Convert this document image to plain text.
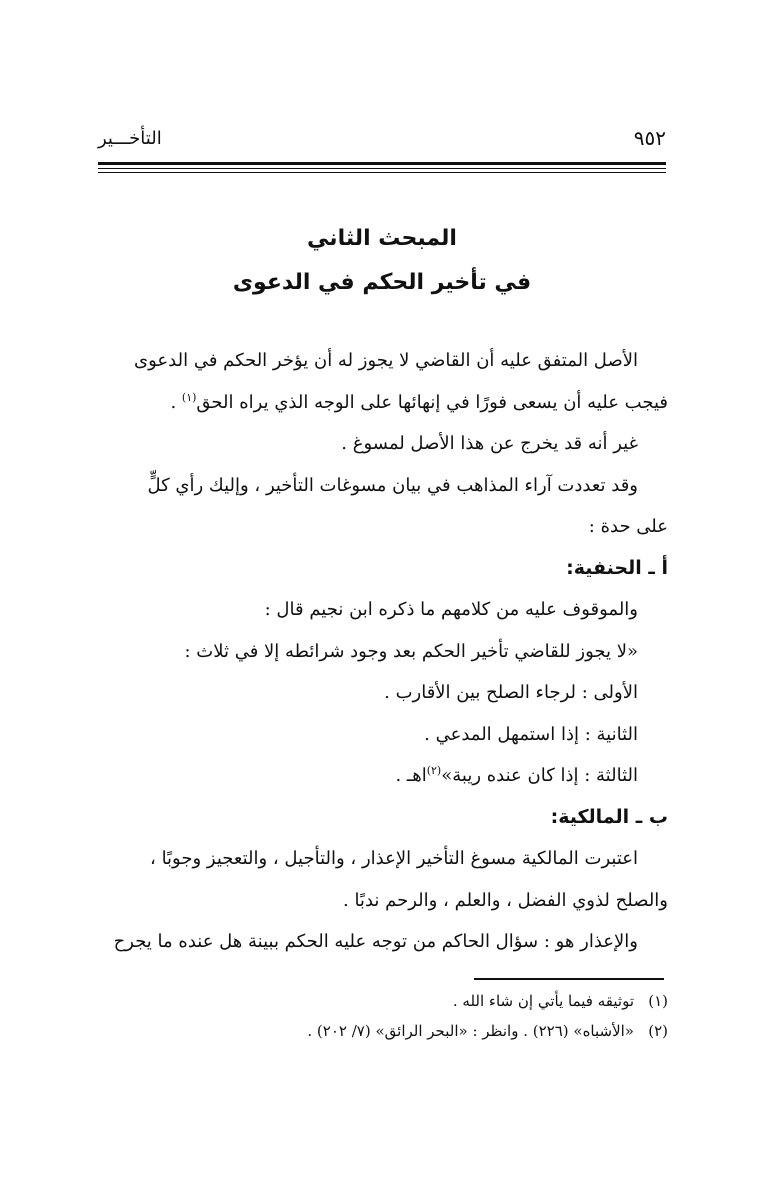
٩٥٢
التأخـــير
المبحث الثاني
في تأخير الحكم في الدعوى

الأصل المتفق عليه أن القاضي لا يجوز له أن يؤخر الحكم في الدعوى

فيجب عليه أن يسعى فورًا في إنهائها على الوجه الذي يراه الحق$^{(١)}$ .

غير أنه قد يخرج عن هذا الأصل لمسوغ .

وقد تعددت آراء المذاهب في بيان مسوغات التأخير ، وإليك رأي كلٍّ

على حدة :

أ ـ الحنفية:

والموقوف عليه من كلامهم ما ذكره ابن نجيم قال :

«لا يجوز للقاضي تأخير الحكم بعد وجود شرائطه إلا في ثلاث :

الأولى : لرجاء الصلح بين الأقارب .

الثانية : إذا استمهل المدعي .

الثالثة : إذا كان عنده ريبة»$^{(٢)}$اهـ .

ب ـ المالكية:

اعتبرت المالكية مسوغ التأخير الإعذار ، والتأجيل ، والتعجيز وجوبًا ،

والصلح لذوي الفضل ، والعلم ، والرحم ندبًا .

والإعذار هو : سؤال الحاكم من توجه عليه الحكم ببينة هل عنده ما يجرح

(١)توثيقه فيما يأتي إن شاء الله .

(٢)«الأشباه» (٢٢٦) . وانظر : «البحر الرائق» (٧/ ٢٠٢) .
